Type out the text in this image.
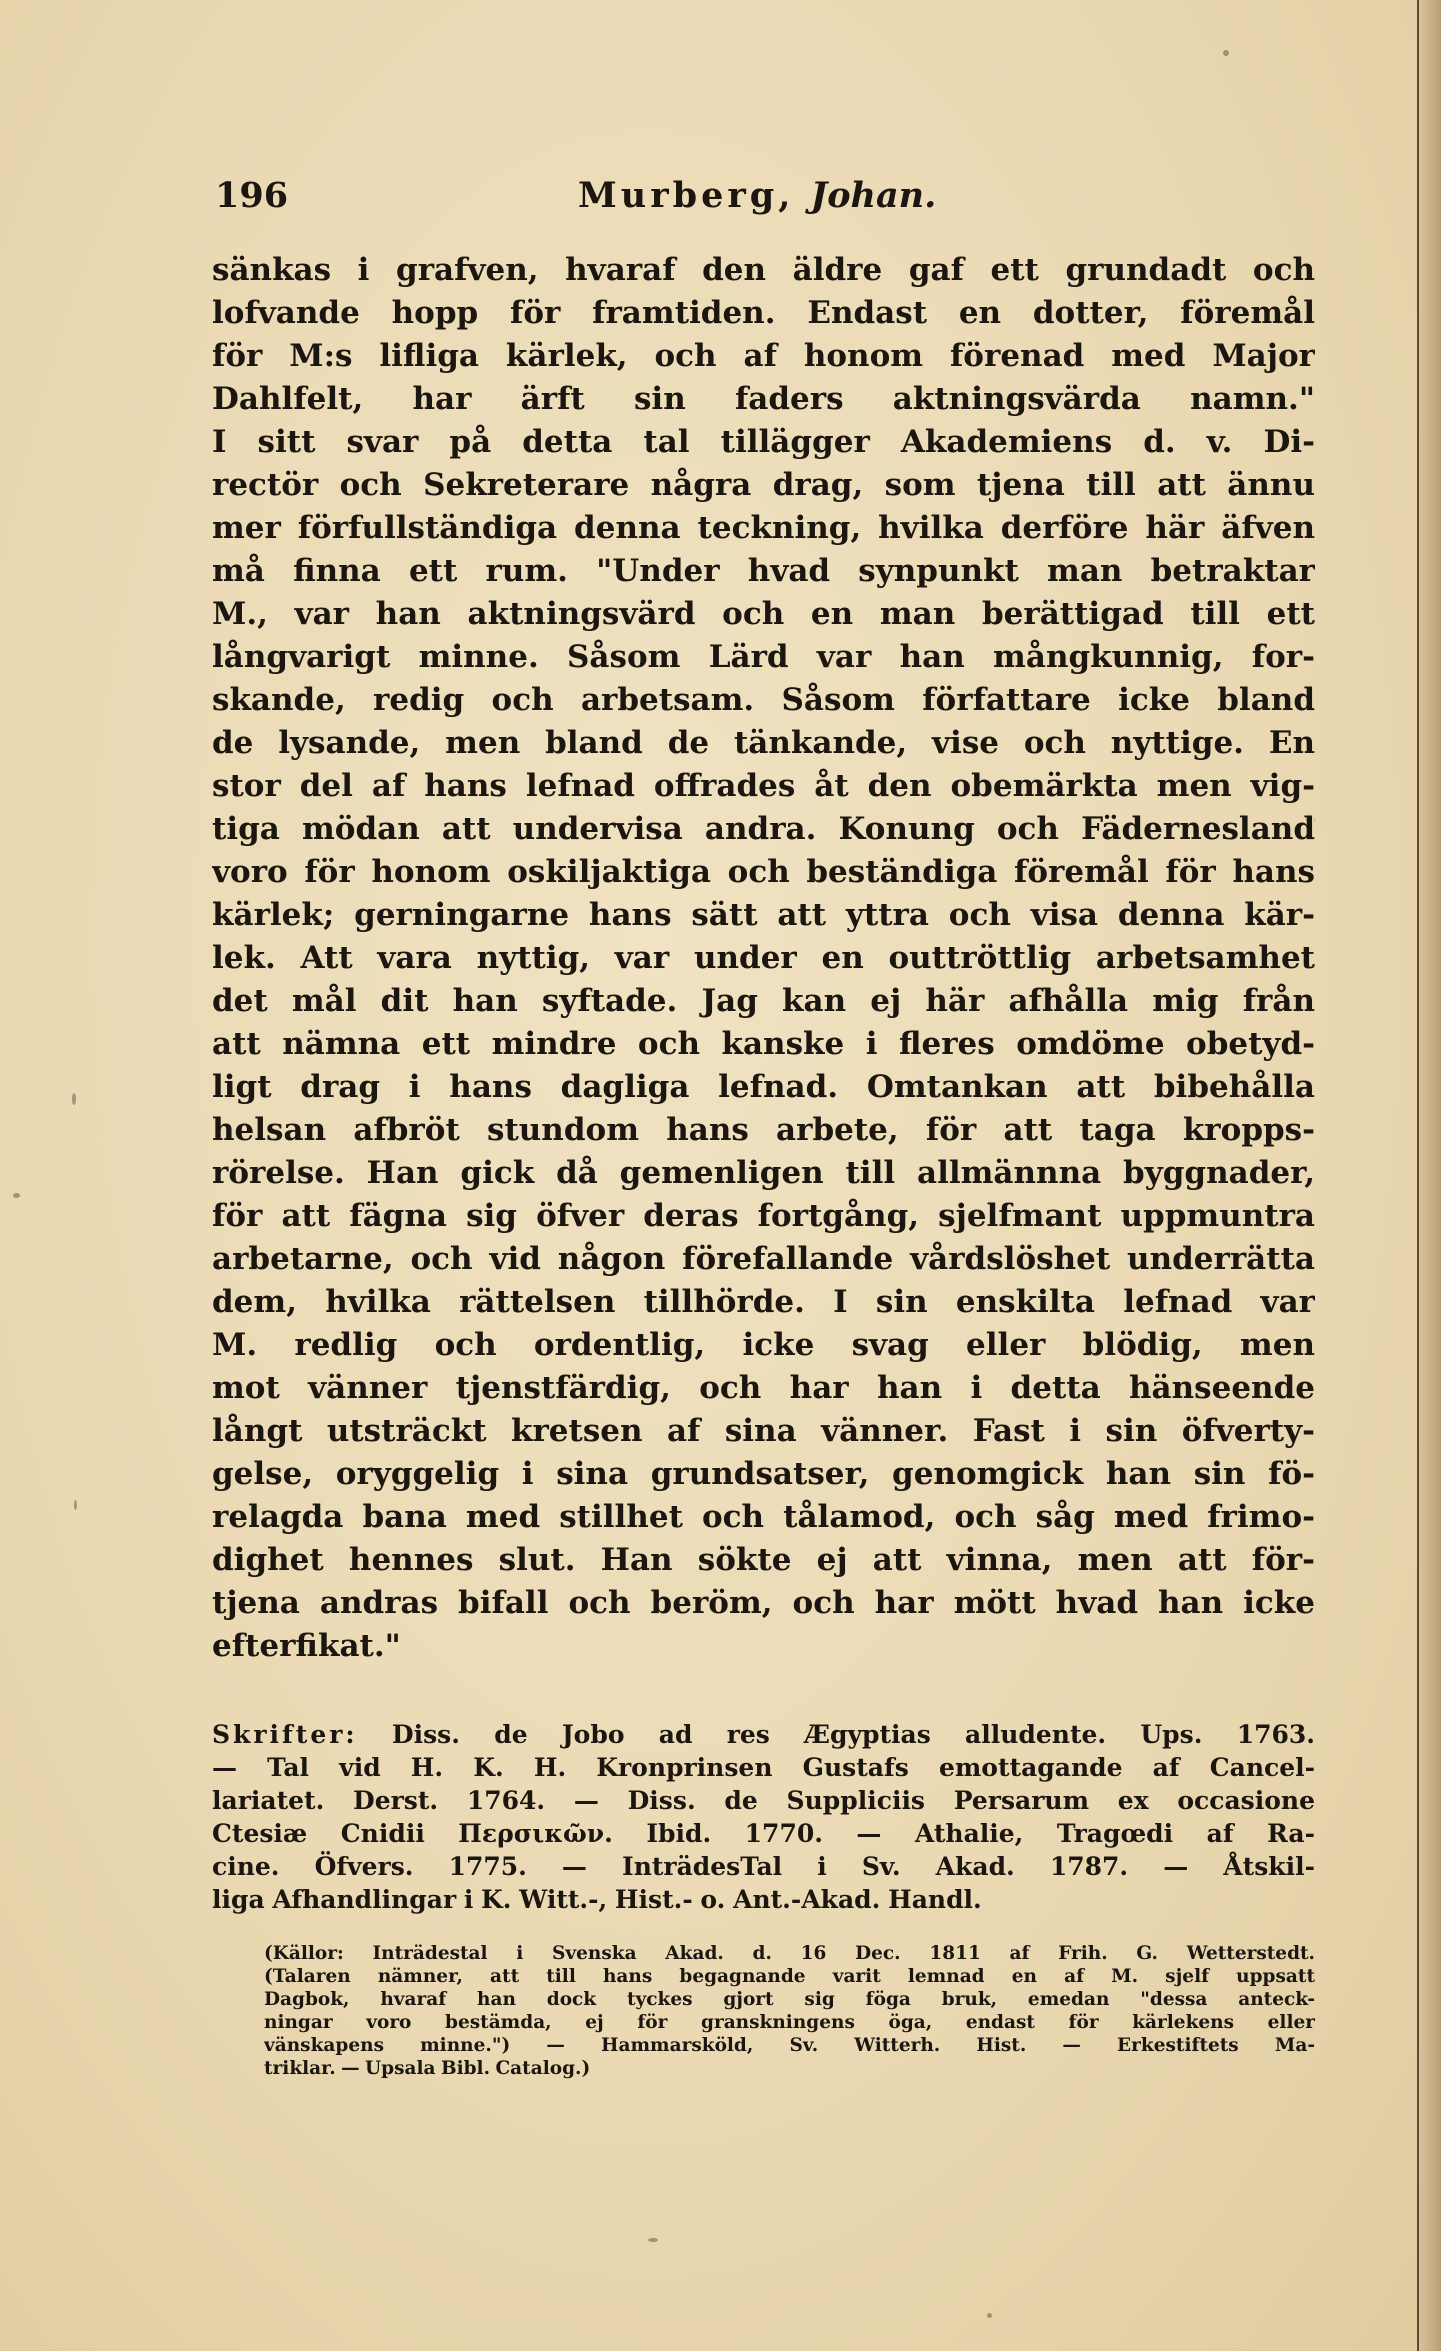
196	Murberg, Johan.
sänkas i grafven, hvaraf den äldre gaf ett grundadt och
lofvande hopp för framtiden. Endast en dotter, föremål
för M:s lifliga kärlek, och af honom förenad med Major
Dahlfelt, har ärft sin faders aktningsvärda namn."
I sitt svar på detta tal tillägger Akademiens d. v. Di-
rectör och Sekreterare några drag, som tjena till att ännu
mer förfullständiga denna teckning, hvilka derföre här äfven
må finna ett rum. "Under hvad synpunkt man betraktar
M., var han aktningsvärd och en man berättigad till ett
långvarigt minne. Såsom Lärd var han mångkunnig, for-
skande, redig och arbetsam. Såsom författare icke bland
de lysande, men bland de tänkande, vise och nyttige. En
stor del af hans lefnad offrades åt den obemärkta men vig-
tiga mödan att undervisa andra. Konung och Fäderneslanď
voro för honom oskiljaktiga och beständiga föremål för hans
kärlek; gerningarne hans sätt att yttra och visa denna kär-
lek. Att vara nyttig, var under en outtröttlig arbetsamhet
det mål dit han syftade. Jag kan ej här afhålla mig från
att nämna ett mindre och kanske i fleres omdöme obetyd-
ligt drag i hans dagliga lefnad. Omtankan att bibehålla
helsan afbröt stundom hans arbete, för att taga kropps-
rörelse. Han gick då gemenligen till allmännna byggnader,
för att fägna sig öfver deras fortgång, sjelfmant uppmuntra
arbetarne, och vid någon förefallande vårdslöshet underrätta
dem, hvilka rättelsen tillhörde. I sin enskilta lefnad var
M. redlig och ordentlig, icke svag eller blödig, men
mot vänner tjenstfärdig, och har han i detta hänseende
långt utsträckt kretsen af sina vänner. Fast i sin öfverty-
gelse, oryggelig i sina grundsatser, genomgick han sin fö-
relagda bana med stillhet och tålamod, och såg med frimo-
dighet hennes slut. Han sökte ej att vinna, men att för-
tjena andras bifall och beröm, och har mött hvad han icke
efterfikat."
Skrifter: Diss. de Jobo ad res Ægyptias alludente. Ups. 1763.
— Tal vid H. K. H. Kronprinsen Gustafs emottagande af Cancel-
lariatet. Derst. 1764. — Diss. de Suppliciis Persarum ex occasione
Ctesiæ Cnidii Περσικῶν. Ibid. 1770. — Athalie, Tragœdi af Ra-
cine. Öfvers. 1775. — InträdesTal i Sv. Akad. 1787. — Åtskil-
liga Afhandlingar i K. Witt.-, Hist.- o. Ant.-Akad. Handl.
(Källor: Inträdestal i Svenska Akad. d. 16 Dec. 1811 af Frih. G. Wetterstedt.
(Talaren nämner, att till hans begagnande varit lemnad en af M. sjelf uppsatt
Dagbok, hvaraf han dock tyckes gjort sig föga bruk, emedan "dessa anteck-
ningar voro bestämda, ej för granskningens öga, endast för kärlekens eller
vänskapens minne.") — Hammarsköld, Sv. Witterh. Hist. — Erkestiftets Ma-
triklar. — Upsala Bibl. Catalog.)
